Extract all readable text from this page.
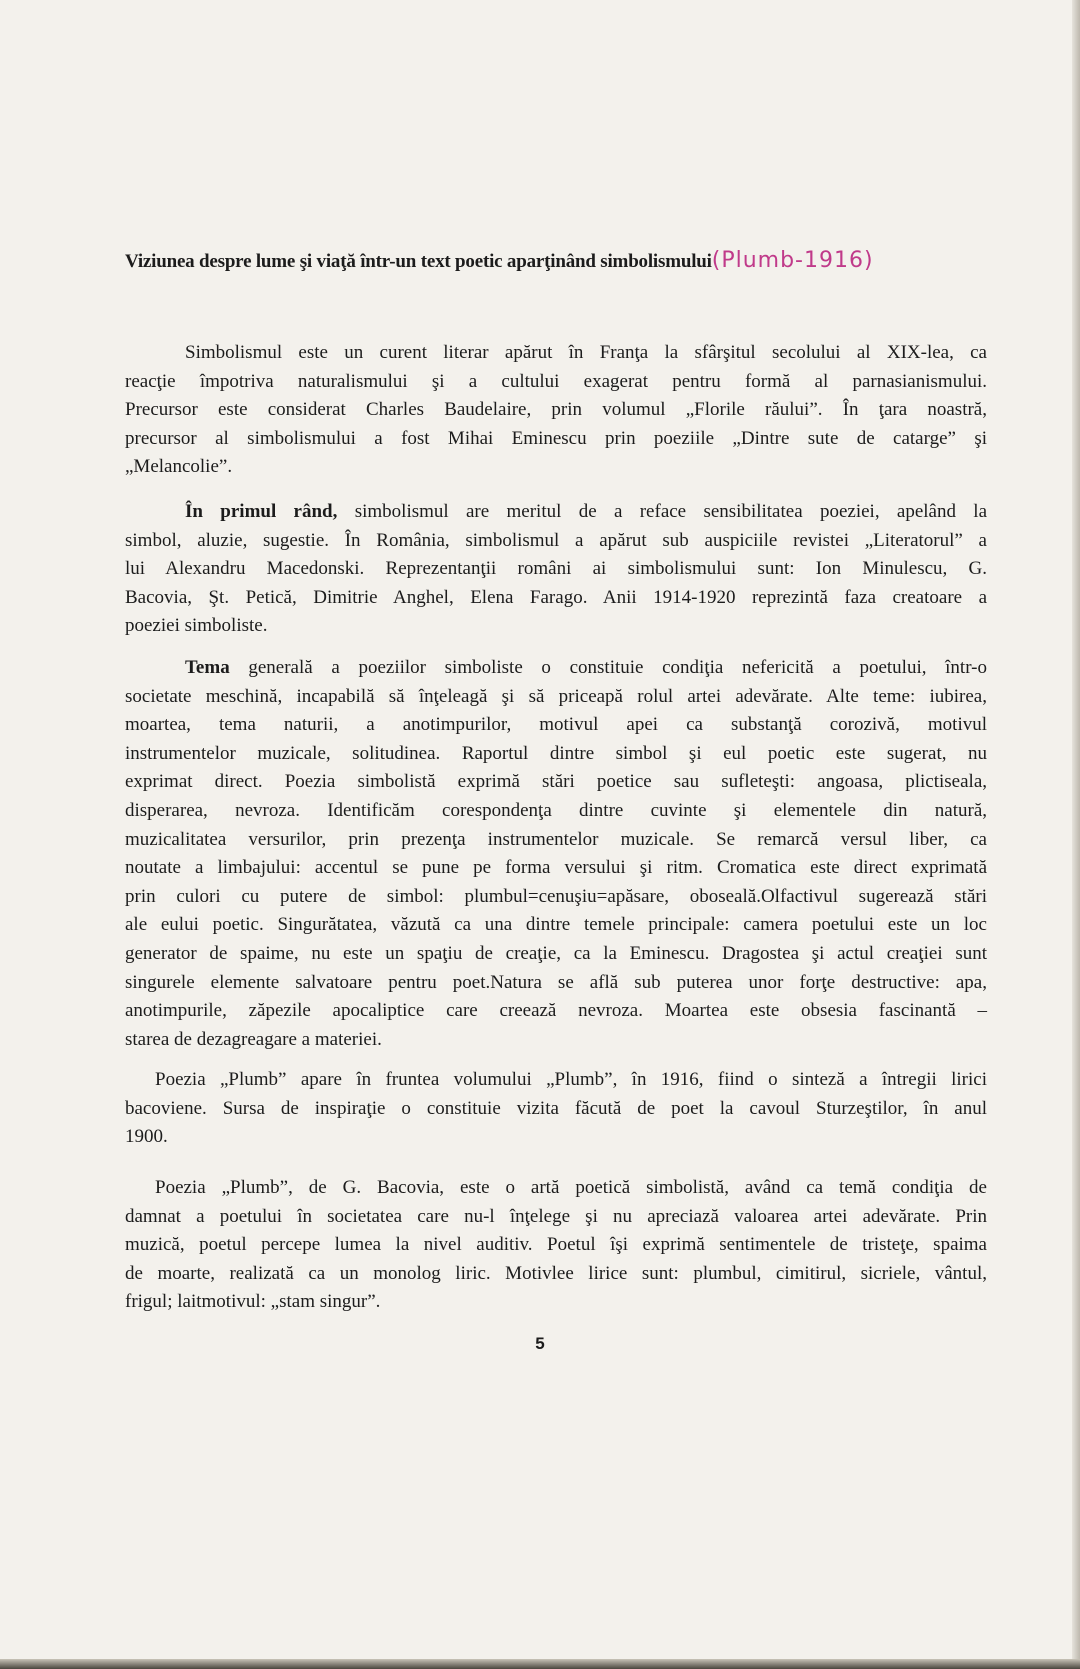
Viziunea despre lume şi viaţă într-un text poetic aparţinând simbolismului(Plumb-1916)
Simbolismul este un curent literar apărut în Franţa la sfârşitul secolului al XIX-lea, ca
reacţie împotriva naturalismului şi a cultului exagerat pentru formă al parnasianismului.
Precursor este considerat Charles Baudelaire, prin volumul „Florile răului”. În ţara noastră,
precursor al simbolismului a fost Mihai Eminescu prin poeziile „Dintre sute de catarge” şi
„Melancolie”.
În primul rând, simbolismul are meritul de a reface sensibilitatea poeziei, apelând la
simbol, aluzie, sugestie. În România, simbolismul a apărut sub auspiciile revistei „Literatorul” a
lui Alexandru Macedonski. Reprezentanţii români ai simbolismului sunt: Ion Minulescu, G.
Bacovia, Şt. Petică, Dimitrie Anghel, Elena Farago. Anii 1914-1920 reprezintă faza creatoare a
poeziei simboliste.
Tema generală a poeziilor simboliste o constituie condiţia nefericită a poetului, într-o
societate meschină, incapabilă să înţeleagă şi să priceapă rolul artei adevărate. Alte teme: iubirea,
moartea, tema naturii, a anotimpurilor, motivul apei ca substanţă corozivă, motivul
instrumentelor muzicale, solitudinea. Raportul dintre simbol şi eul poetic este sugerat, nu
exprimat direct. Poezia simbolistă exprimă stări poetice sau sufleteşti: angoasa, plictiseala,
disperarea, nevroza. Identificăm corespondenţa dintre cuvinte şi elementele din natură,
muzicalitatea versurilor, prin prezenţa instrumentelor muzicale. Se remarcă versul liber, ca
noutate a limbajului: accentul se pune pe forma versului şi ritm. Cromatica este direct exprimată
prin culori cu putere de simbol: plumbul=cenuşiu=apăsare, oboseală.Olfactivul sugerează stări
ale eului poetic. Singurătatea, văzută ca una dintre temele principale: camera poetului este un loc
generator de spaime, nu este un spaţiu de creaţie, ca la Eminescu. Dragostea şi actul creaţiei sunt
singurele elemente salvatoare pentru poet.Natura se află sub puterea unor forţe destructive: apa,
anotimpurile, zăpezile apocaliptice care creează nevroza. Moartea este obsesia fascinantă –
starea de dezagreagare a materiei.
Poezia „Plumb” apare în fruntea volumului „Plumb”, în 1916, fiind o sinteză a întregii lirici
bacoviene. Sursa de inspiraţie o constituie vizita făcută de poet la cavoul Sturzeştilor, în anul
1900.
Poezia „Plumb”, de G. Bacovia, este o artă poetică simbolistă, având ca temă condiţia de
damnat a poetului în societatea care nu-l înţelege şi nu apreciază valoarea artei adevărate. Prin
muzică, poetul percepe lumea la nivel auditiv. Poetul îşi exprimă sentimentele de tristeţe, spaima
de moarte, realizată ca un monolog liric. Motivlee lirice sunt: plumbul, cimitirul, sicriele, vântul,
frigul; laitmotivul: „stam singur”.
5
